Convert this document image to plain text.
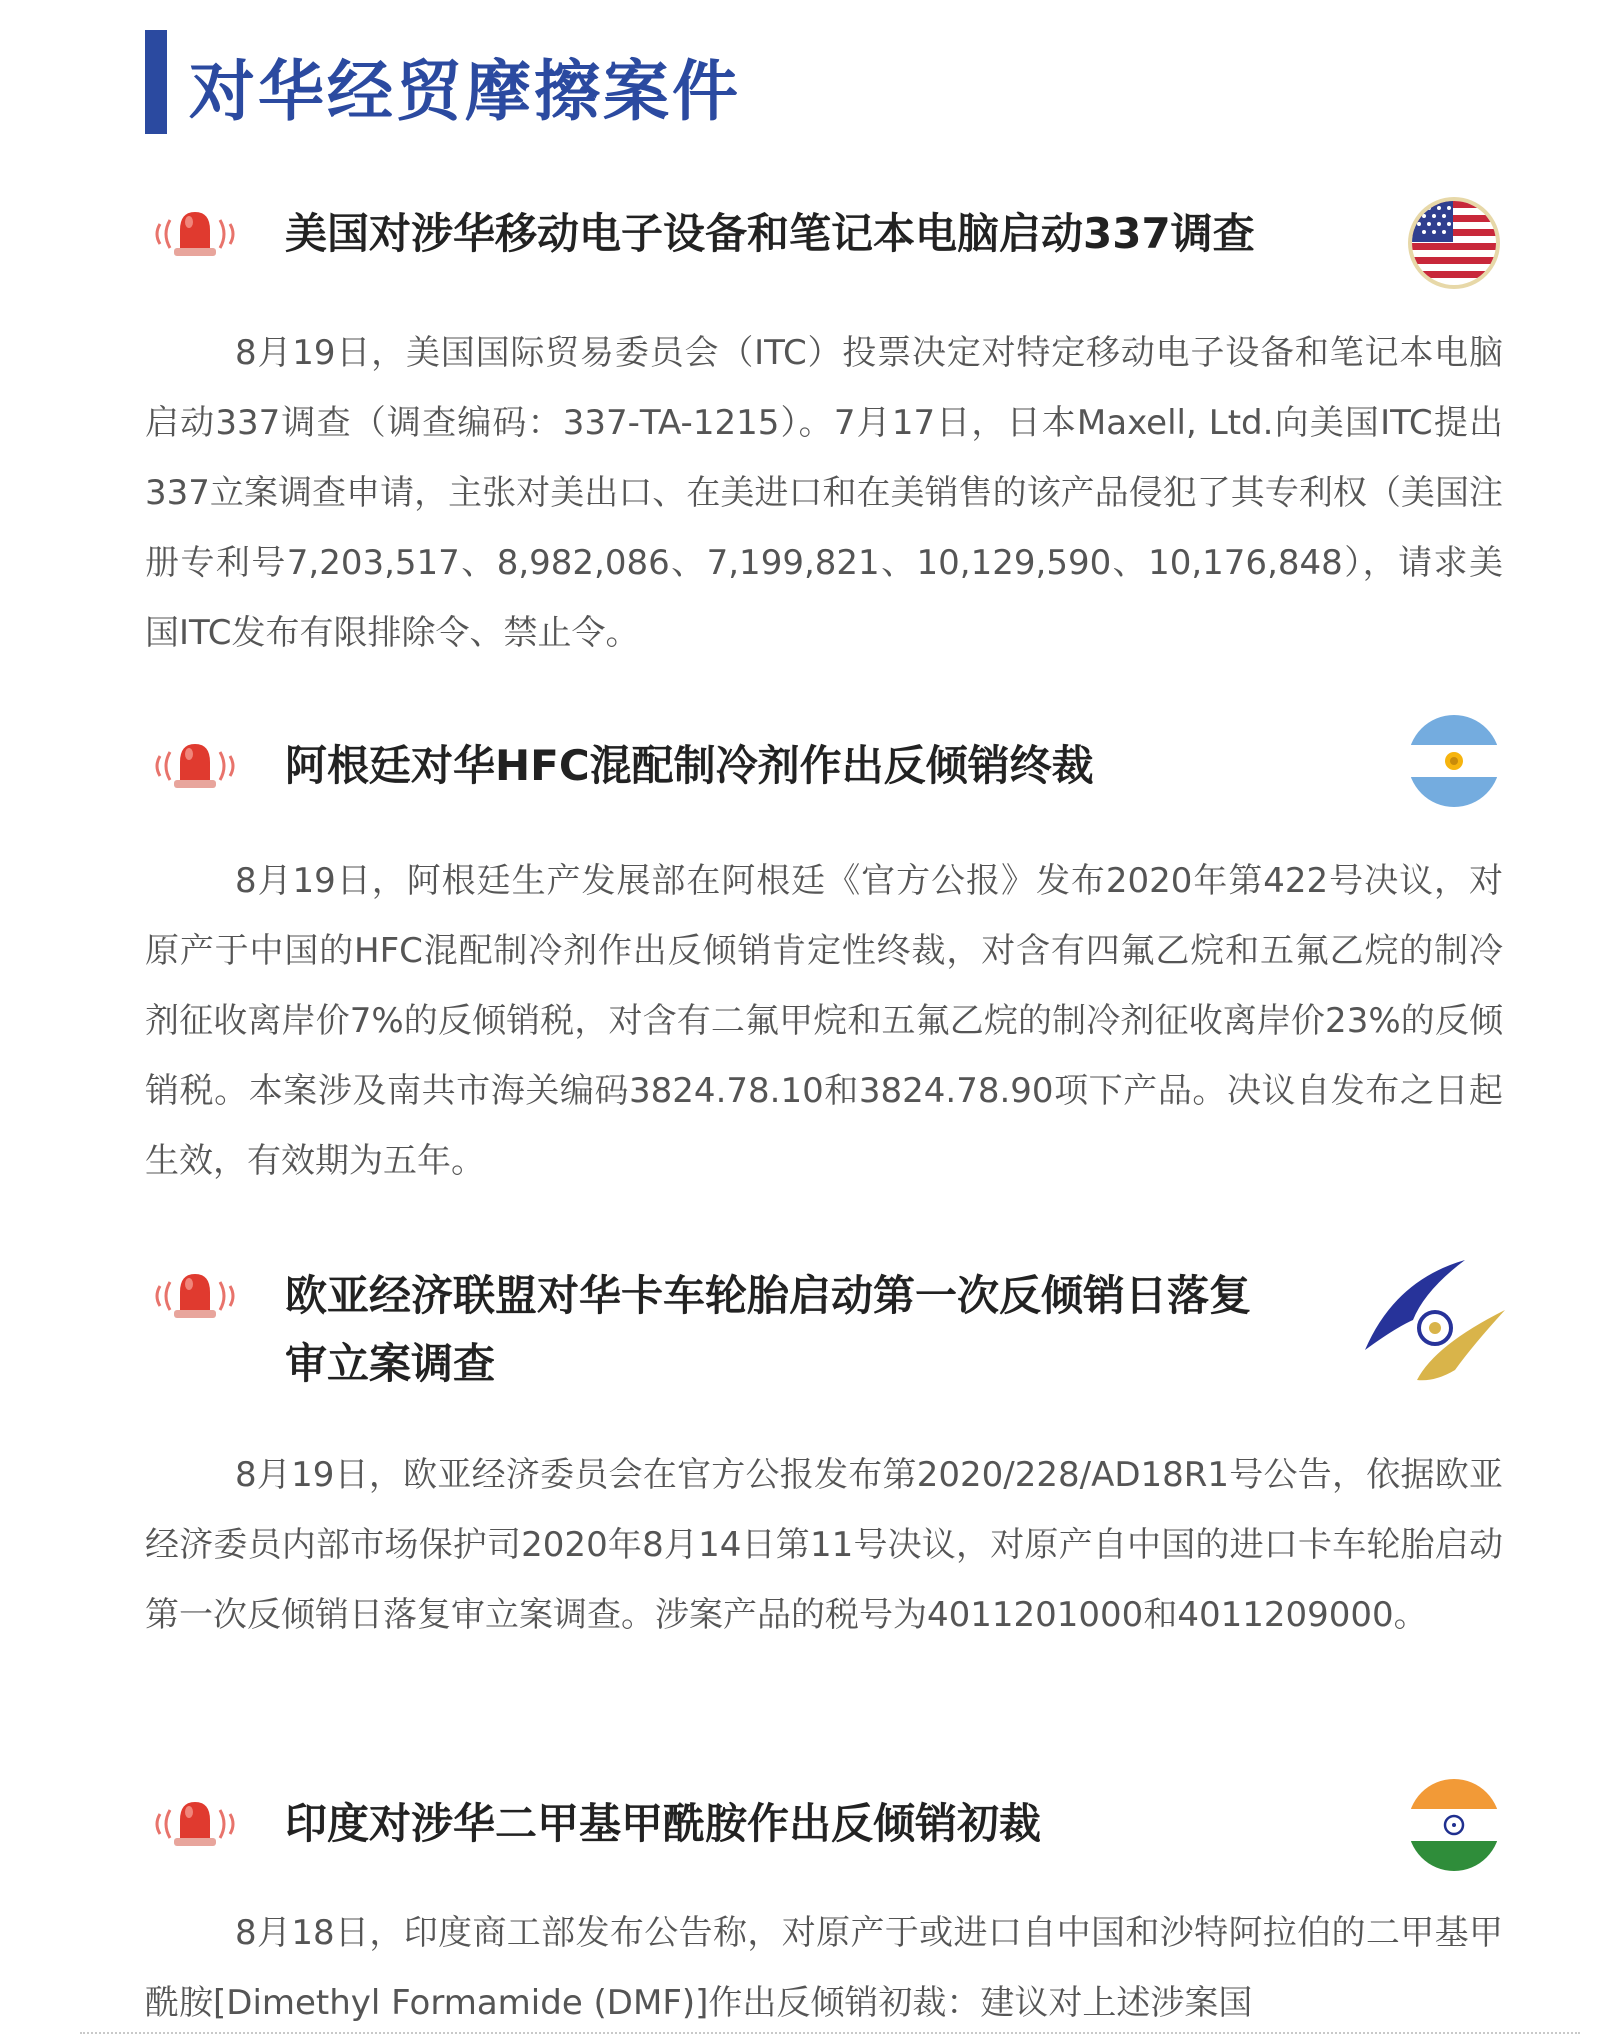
对华经贸摩擦案件
美国对涉华移动电子设备和笔记本电脑启动337调查

8月19日，美国国际贸易委员会（ITC）投票决定对特定移动电子设备和笔记本电脑启动337调查（调查编码：337-TA-1215）。7月17日，日本Maxell, Ltd.向美国ITC提出337立案调查申请，主张对美出口、在美进口和在美销售的该产品侵犯了其专利权（美国注册专利号7,203,517、8,982,086、7,199,821、10,129,590、10,176,848），请求美国ITC发布有限排除令、禁止令。

阿根廷对华HFC混配制冷剂作出反倾销终裁

8月19日，阿根廷生产发展部在阿根廷《官方公报》发布2020年第422号决议，对原产于中国的HFC混配制冷剂作出反倾销肯定性终裁，对含有四氟乙烷和五氟乙烷的制冷剂征收离岸价7%的反倾销税，对含有二氟甲烷和五氟乙烷的制冷剂征收离岸价23%的反倾销税。本案涉及南共市海关编码3824.78.10和3824.78.90项下产品。决议自发布之日起生效，有效期为五年。

欧亚经济联盟对华卡车轮胎启动第一次反倾销日落复
审立案调查

8月19日，欧亚经济委员会在官方公报发布第2020/228/AD18R1号公告，依据欧亚经济委员内部市场保护司2020年8月14日第11号决议，对原产自中国的进口卡车轮胎启动第一次反倾销日落复审立案调查。涉案产品的税号为4011201000和4011209000。

印度对涉华二甲基甲酰胺作出反倾销初裁

8月18日，印度商工部发布公告称，对原产于或进口自中国和沙特阿拉伯的二甲基甲酰胺[Dimethyl Formamide (DMF)]作出反倾销初裁：建议对上述涉案国
